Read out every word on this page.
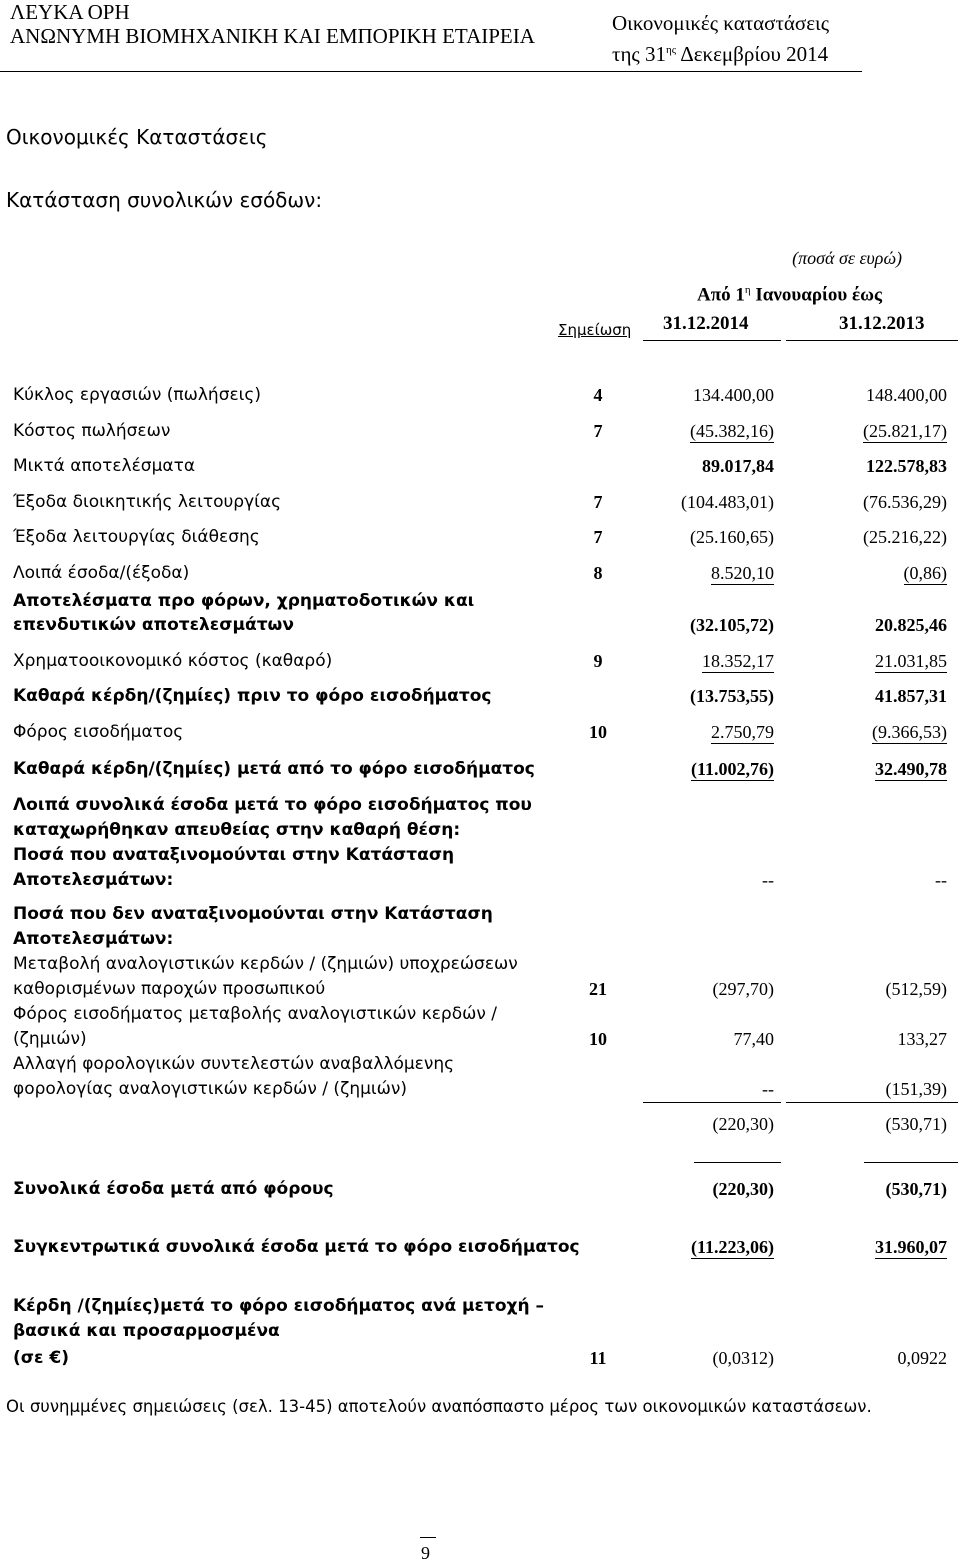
ΛΕΥΚΑ ΟΡΗ
ΑΝΩΝΥΜΗ ΒΙΟΜΗΧΑΝΙΚΗ ΚΑΙ ΕΜΠΟΡΙΚΗ ΕΤΑΙΡΕΙΑ
Οικονομικές καταστάσεις
της $31^{\eta\varsigma}$ Δεκεμβρίου 2014
Οικονομικές Καταστάσεις
Κατάσταση συνολικών εσόδων:
(ποσά σε ευρώ)
Από $1^\eta$ Ιανουαρίου έως
Σημείωση 31.12.2014	31.12.2013
Κύκλος εργασιών (πωλήσεις)	4	134.400,00	148.400,00
Κόστος πωλήσεων	7	(45.382,16)	(25.821,17)
Μικτά αποτελέσματα	89.017,84	122.578,83
Έξοδα διοικητικής λειτουργίας	7	(104.483,01)	(76.536,29)
Έξοδα λειτουργίας διάθεσης	7	(25.160,65)	(25.216,22)
Λοιπά έσοδα/(έξοδα)	8	8.520,10	(0,86)
Αποτελέσματα προ φόρων, χρηματοδοτικών και
επενδυτικών αποτελεσμάτων	(32.105,72)	20.825,46
Χρηματοοικονομικό κόστος (καθαρό)	9	18.352,17	21.031,85
Καθαρά κέρδη/(ζημίες) πριν το φόρο εισοδήματος	(13.753,55)	41.857,31
Φόρος εισοδήματος	10	2.750,79	(9.366,53)
Καθαρά κέρδη/(ζημίες) μετά από το φόρο εισοδήματος	(11.002,76)	32.490,78
Λοιπά συνολικά έσοδα μετά το φόρο εισοδήματος που
καταχωρήθηκαν απευθείας στην καθαρή θέση:
Ποσά που αναταξινομούνται στην Κατάσταση
Αποτελεσμάτων:	--	--
Ποσά που δεν αναταξινομούνται στην Κατάσταση
Αποτελεσμάτων:
Μεταβολή αναλογιστικών κερδών / (ζημιών) υποχρεώσεων
καθορισμένων παροχών προσωπικού	21	(297,70)	(512,59)
Φόρος εισοδήματος μεταβολής αναλογιστικών κερδών /
(ζημιών)	10	77,40	133,27
Αλλαγή φορολογικών συντελεστών αναβαλλόμενης
φορολογίας αναλογιστικών κερδών / (ζημιών)	--	(151,39)
(220,30)	(530,71)
Συνολικά έσοδα μετά από φόρους	(220,30)	(530,71)
Συγκεντρωτικά συνολικά έσοδα μετά το φόρο εισοδήματος	(11.223,06)	31.960,07
Κέρδη /(ζημίες)μετά το φόρο εισοδήματος ανά μετοχή –
βασικά και προσαρμοσμένα
(σε €)	11	(0,0312)	0,0922
Οι συνημμένες σημειώσεις (σελ. 13-45) αποτελούν αναπόσπαστο μέρος των οικονομικών καταστάσεων.
9
